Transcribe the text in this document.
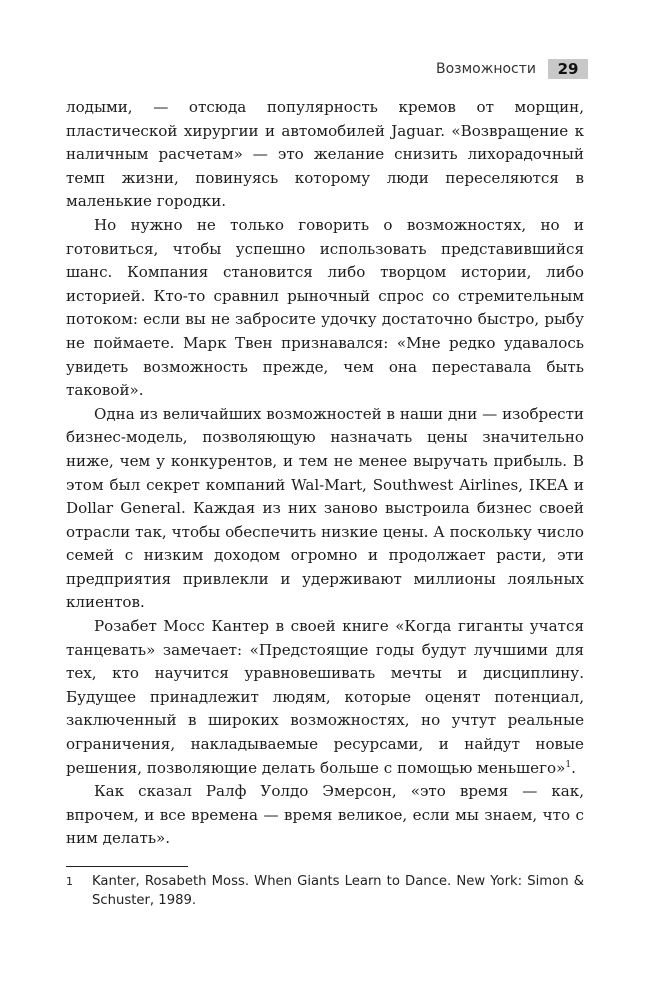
Возможности	29

лодыми, — отсюда популярность кремов от морщин, пластической хирургии и автомобилей Jaguar. «Возвращение к наличным расчетам» — это желание снизить лихорадочный темп жизни, повинуясь которому люди переселяются в маленькие городки.

Но нужно не только говорить о возможностях, но и готовиться, чтобы успешно использовать представившийся шанс. Компания становится либо творцом истории, либо историей. Кто-то сравнил рыночный спрос со стремительным потоком: если вы не забросите удочку достаточно быстро, рыбу не поймаете. Марк Твен признавался: «Мне редко удавалось увидеть возможность прежде, чем она переставала быть таковой».

Одна из величайших возможностей в наши дни — изобрести бизнес-модель, позволяющую назначать цены значительно ниже, чем у конкурентов, и тем не менее выручать прибыль. В этом был секрет компаний Wal-Mart, Southwest Airlines, IKEA и Dollar General. Каждая из них заново выстроила бизнес своей отрасли так, чтобы обеспечить низкие цены. А поскольку число семей с низким доходом огромно и продолжает расти, эти предприятия привлекли и удерживают миллионы лояльных клиентов.

Розабет Мосс Кантер в своей книге «Когда гиганты учатся танцевать» замечает: «Предстоящие годы будут лучшими для тех, кто научится уравновешивать мечты и дисциплину. Будущее принадлежит людям, которые оценят потенциал, заключенный в широких возможностях, но учтут реальные ограничения, накладываемые ресурсами, и найдут новые решения, позволяющие делать больше с помощью меньшего»$^1$.

Как сказал Ралф Уолдо Эмерсон, «это время — как, впрочем, и все времена — время великое, если мы знаем, что с ним делать».

1	Kanter, Rosabeth Moss. When Giants Learn to Dance. New York: Simon & Schuster, 1989.
